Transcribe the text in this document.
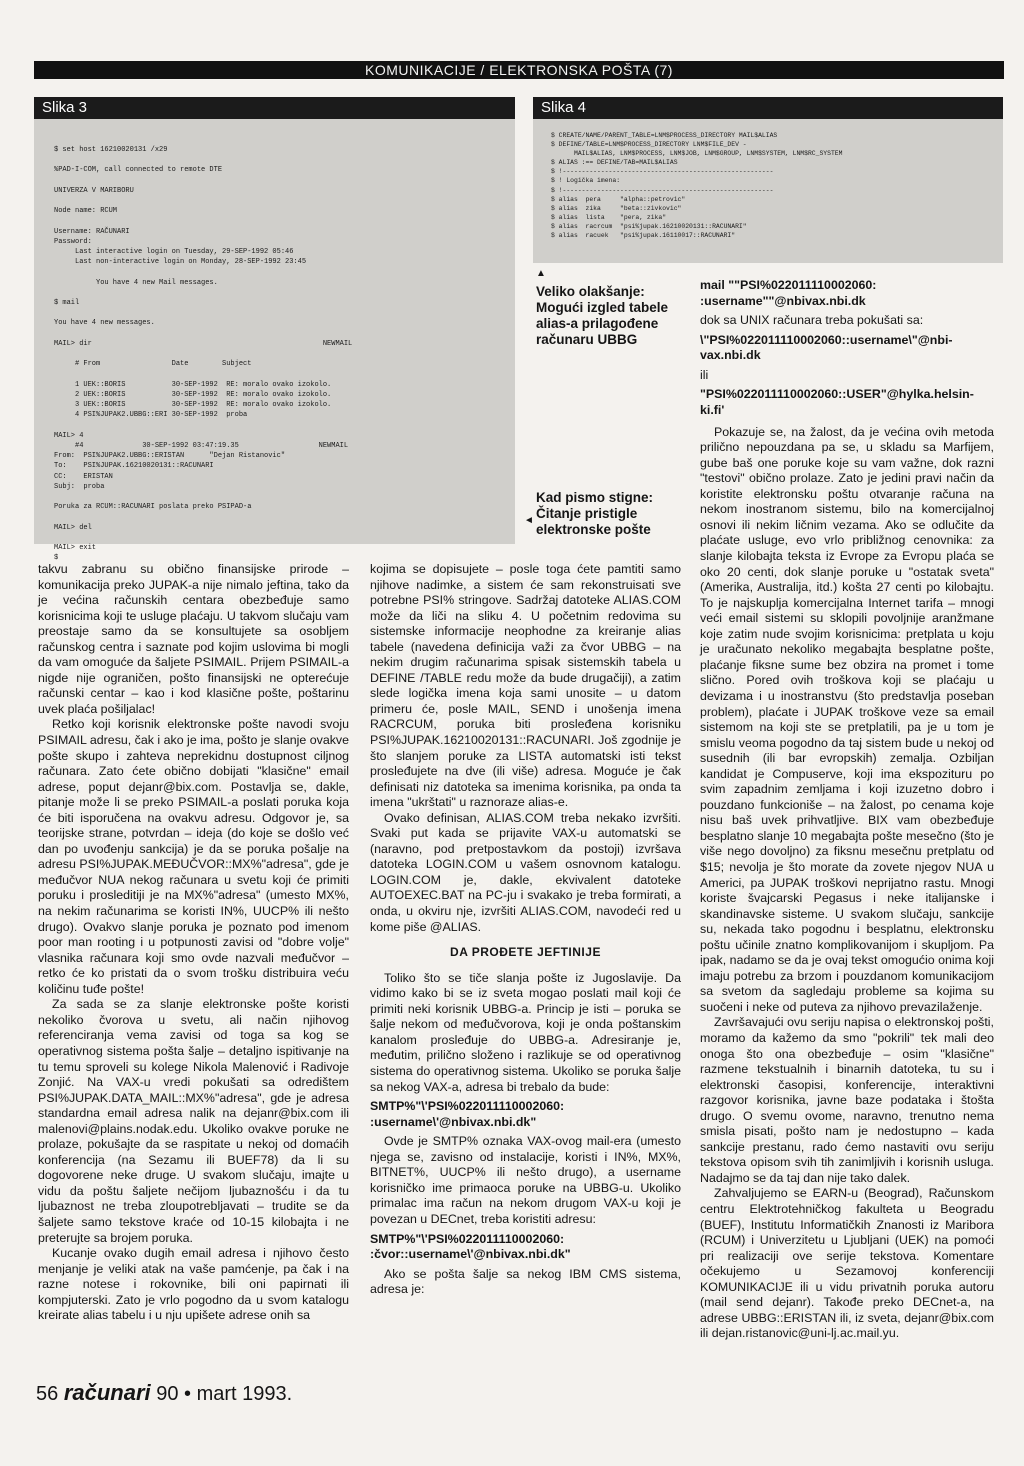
KOMUNIKACIJE / ELEKTRONSKA POŠTA (7)
Slika 3
$ set host 16210020131 /x29

%PAD-I-COM, call connected to remote DTE

UNIVERZA V MARIBORU

Node name: RCUM

Username: RAČUNARI
Password:
Last interactive login on Tuesday, 29-SEP-1992 05:46
Last non-interactive login on Monday, 28-SEP-1992 23:45

You have 4 new Mail messages.

$ mail

You have 4 new messages.

MAIL> dir                                                       NEWMAIL

# From                 Date        Subject

1 UEK::BORIS           30-SEP-1992  RE: moralo ovako izokolo.
2 UEK::BORIS           30-SEP-1992  RE: moralo ovako izokolo.
3 UEK::BORIS           30-SEP-1992  RE: moralo ovako izokolo.
4 PSI%JUPAK2.UBBG::ERI 30-SEP-1992  proba

MAIL> 4
#4              30-SEP-1992 03:47:19.35                   NEWMAIL
From:  PSI%JUPAK2.UBBG::ERISTAN      "Dejan Ristanovic"
To:    PSI%JUPAK.16210020131::RACUNARI
CC:    ERISTAN
Subj:  proba

Poruka za RCUM::RACUNARI poslata preko PSIPAD-a

MAIL> del

MAIL> exit
$
Slika 4
$ CREATE/NAME/PARENT_TABLE=LNM$PROCESS_DIRECTORY MAIL$ALIAS
$ DEFINE/TABLE=LNM$PROCESS_DIRECTORY LNM$FILE_DEV -
MAIL$ALIAS, LNM$PROCESS, LNM$JOB, LNM$GROUP, LNM$SYSTEM, LNM$RC_SYSTEM
$ ALIAS :== DEFINE/TAB=MAIL$ALIAS
$ !-------------------------------------------------------
$ ! Logička imena:
$ !-------------------------------------------------------
$ alias  pera     "alpha::petrovic"
$ alias  zika     "beta::zivkovic"
$ alias  lista    "pera, zika"
$ alias  racrcum  "psi%jupak.16210020131::RACUNARI"
$ alias  racuek   "psi%jupak.16110017::RACUNARI"
▲
Veliko olakšanje:
Mogući izgled tabele
alias-a prilagođene
računaru UBBG
Kad pismo stigne:
Čitanje pristigle
elektronske pošte
◄

takvu zabranu su obično finansijske prirode – komunikacija preko JUPAK-a nije nimalo jeftina, tako da je većina računskih centara obezbeđuje samo korisnicima koji te usluge plaćaju. U takvom slučaju vam preostaje samo da se konsultujete sa osobljem računskog centra i saznate pod kojim uslovima bi mogli da vam omoguće da šaljete PSIMAIL. Prijem PSIMAIL-a nigde nije ograničen, pošto finansijski ne opterećuje računski centar – kao i kod klasične pošte, poštarinu uvek plaća pošiljalac!

Retko koji korisnik elektronske pošte navodi svoju PSIMAIL adresu, čak i ako je ima, pošto je slanje ovakve pošte skupo i zahteva neprekidnu dostupnost ciljnog računara. Zato ćete obično dobijati "klasične" email adrese, poput dejanr@bix.com. Postavlja se, dakle, pitanje može li se preko PSIMAIL-a poslati poruka koja će biti isporučena na ovakvu adresu. Odgovor je, sa teorijske strane, potvrdan – ideja (do koje se došlo već dan po uvođenju sankcija) je da se poruka pošalje na adresu PSI%JUPAK.MEĐUČVOR::MX%"adresa", gde je međučvor NUA nekog računara u svetu koji će primiti poruku i prosleditiji je na MX%"adresa" (umesto MX%, na nekim računarima se koristi IN%, UUCP% ili nešto drugo). Ovakvo slanje poruka je poznato pod imenom poor man rooting i u potpunosti zavisi od "dobre volje" vlasnika računara koji smo ovde nazvali međučvor – retko će ko pristati da o svom trošku distribuira veću količinu tuđe pošte!

Za sada se za slanje elektronske pošte koristi nekoliko čvorova u svetu, ali način njihovog referenciranja vema zavisi od toga sa kog se operativnog sistema pošta šalje – detaljno ispitivanje na tu temu sproveli su kolege Nikola Malenović i Radivoje Zonjić. Na VAX-u vredi pokušati sa odredištem PSI%JUPAK.DATA_MAIL::MX%"adresa", gde je adresa standardna email adresa nalik na dejanr@bix.com ili malenovi@plains.nodak.edu. Ukoliko ovakve poruke ne prolaze, pokušajte da se raspitate u nekoj od domaćih konferencija (na Sezamu ili BUEF78) da li su dogovorene neke druge. U svakom slučaju, imajte u vidu da poštu šaljete nečijom ljubaznošću i da tu ljubaznost ne treba zloupotrebljavati – trudite se da šaljete samo tekstove kraće od 10-15 kilobajta i ne preterujte sa brojem poruka.

Kucanje ovako dugih email adresa i njihovo često menjanje je veliki atak na vaše pamćenje, pa čak i na razne notese i rokovnike, bili oni papirnati ili kompjuterski. Zato je vrlo pogodno da u svom katalogu kreirate alias tabelu i u nju upišete adrese onih sa

kojima se dopisujete – posle toga ćete pamtiti samo njihove nadimke, a sistem će sam rekonstruisati sve potrebne PSI% stringove. Sadržaj datoteke ALIAS.COM može da liči na sliku 4. U početnim redovima su sistemske informacije neophodne za kreiranje alias tabele (navedena definicija važi za čvor UBBG – na nekim drugim računarima spisak sistemskih tabela u DEFINE /TABLE redu može da bude drugačiji), a zatim slede logička imena koja sami unosite – u datom primeru će, posle MAIL, SEND i unošenja imena RACRCUM, poruka biti prosleđena korisniku PSI%JUPAK.16210020131::RACUNARI. Još zgodnije je što slanjem poruke za LISTA automatski isti tekst prosleđujete na dve (ili više) adresa. Moguće je čak definisati niz datoteka sa imenima korisnika, pa onda ta imena "ukrštati" u raznoraze alias-e.

Ovako definisan, ALIAS.COM treba nekako izvršiti. Svaki put kada se prijavite VAX-u automatski se (naravno, pod pretpostavkom da postoji) izvršava datoteka LOGIN.COM u vašem osnovnom katalogu. LOGIN.COM je, dakle, ekvivalent datoteke AUTOEXEC.BAT na PC-ju i svakako je treba formirati, a onda, u okviru nje, izvršiti ALIAS.COM, navodeći red u kome piše @ALIAS.

DA PROĐETE JEFTINIJE

Toliko što se tiče slanja pošte iz Jugoslavije. Da vidimo kako bi se iz sveta mogao poslati mail koji će primiti neki korisnik UBBG-a. Princip je isti – poruka se šalje nekom od međučvorova, koji je onda poštanskim kanalom prosleđuje do UBBG-a. Adresiranje je, međutim, prilično složeno i razlikuje se od operativnog sistema do operativnog sistema. Ukoliko se poruka šalje sa nekog VAX-a, adresa bi trebalo da bude:

SMTP%"\'PSI%022011110002060:
:username\'@nbivax.nbi.dk"

Ovde je SMTP% oznaka VAX-ovog mail-era (umesto njega se, zavisno od instalacije, koristi i IN%, MX%, BITNET%, UUCP% ili nešto drugo), a username korisničko ime primaoca poruke na UBBG-u. Ukoliko primalac ima račun na nekom drugom VAX-u koji je povezan u DECnet, treba koristiti adresu:

SMTP%"\'PSI%022011110002060:
:čvor::username\'@nbivax.nbi.dk"

Ako se pošta šalje sa nekog IBM CMS sistema, adresa je:

mail ""PSI%022011110002060:
:username""@nbivax.nbi.dk

dok sa UNIX računara treba pokušati sa:

\"PSI%022011110002060::username\"@nbi-
vax.nbi.dk

ili

"PSI%022011110002060::USER"@hylka.helsin-
ki.fi'

Pokazuje se, na žalost, da je većina ovih metoda prilično nepouzdana pa se, u skladu sa Marfijem, gube baš one poruke koje su vam važne, dok razni "testovi" obično prolaze. Zato je jedini pravi način da koristite elektronsku poštu otvaranje računa na nekom inostranom sistemu, bilo na komercijalnoj osnovi ili nekim ličnim vezama. Ako se odlučite da plaćate usluge, evo vrlo približnog cenovnika: za slanje kilobajta teksta iz Evrope za Evropu plaća se oko 20 centi, dok slanje poruke u "ostatak sveta" (Amerika, Australija, itd.) košta 27 centi po kilobajtu. To je najskuplja komercijalna Internet tarifa – mnogi veći email sistemi su sklopili povoljnije aranžmane koje zatim nude svojim korisnicima: pretplata u koju je uračunato nekoliko megabajta besplatne pošte, plaćanje fiksne sume bez obzira na promet i tome slično. Pored ovih troškova koji se plaćaju u devizama i u inostranstvu (što predstavlja poseban problem), plaćate i JUPAK troškove veze sa email sistemom na koji ste se pretplatili, pa je u tom je smislu veoma pogodno da taj sistem bude u nekoj od susednih (ili bar evropskih) zemalja. Ozbiljan kandidat je Compuserve, koji ima ekspozituru po svim zapadnim zemljama i koji izuzetno dobro i pouzdano funkcioniše – na žalost, po cenama koje nisu baš uvek prihvatljive. BIX vam obezbeđuje besplatno slanje 10 megabajta pošte mesečno (što je više nego dovoljno) za fiksnu mesečnu pretplatu od $15; nevolja je što morate da zovete njegov NUA u Americi, pa JUPAK troškovi neprijatno rastu. Mnogi koriste švajcarski Pegasus i neke italijanske i skandinavske sisteme. U svakom slučaju, sankcije su, nekada tako pogodnu i besplatnu, elektronsku poštu učinile znatno komplikovanijom i skupljom. Pa ipak, nadamo se da je ovaj tekst omogućio onima koji imaju potrebu za brzom i pouzdanom komunikacijom sa svetom da sagledaju probleme sa kojima su suočeni i neke od puteva za njihovo prevazilaženje.

Završavajući ovu seriju napisa o elektronskoj pošti, moramo da kažemo da smo "pokrili" tek mali deo onoga što ona obezbeđuje – osim "klasične" razmene tekstualnih i binarnih datoteka, tu su i elektronski časopisi, konferencije, interaktivni razgovor korisnika, javne baze podataka i štošta drugo. O svemu ovome, naravno, trenutno nema smisla pisati, pošto nam je nedostupno – kada sankcije prestanu, rado ćemo nastaviti ovu seriju tekstova opisom svih tih zanimljivih i korisnih usluga. Nadajmo se da taj dan nije tako dalek.

Zahvaljujemo se EARN-u (Beograd), Računskom centru Elektrotehničkog fakulteta u Beogradu (BUEF), Institutu Informatičkih Znanosti iz Maribora (RCUM) i Univerzitetu u Ljubljani (UEK) na pomoći pri realizaciji ove serije tekstova. Komentare očekujemo u Sezamovoj konferenciji KOMUNIKACIJE ili u vidu privatnih poruka autoru (mail send dejanr). Takođe preko DECnet-a, na adrese UBBG::ERISTAN ili, iz sveta, dejanr@bix.com ili dejan.ristanovic@uni-lj.ac.mail.yu.

56 računari 90 • mart 1993.
